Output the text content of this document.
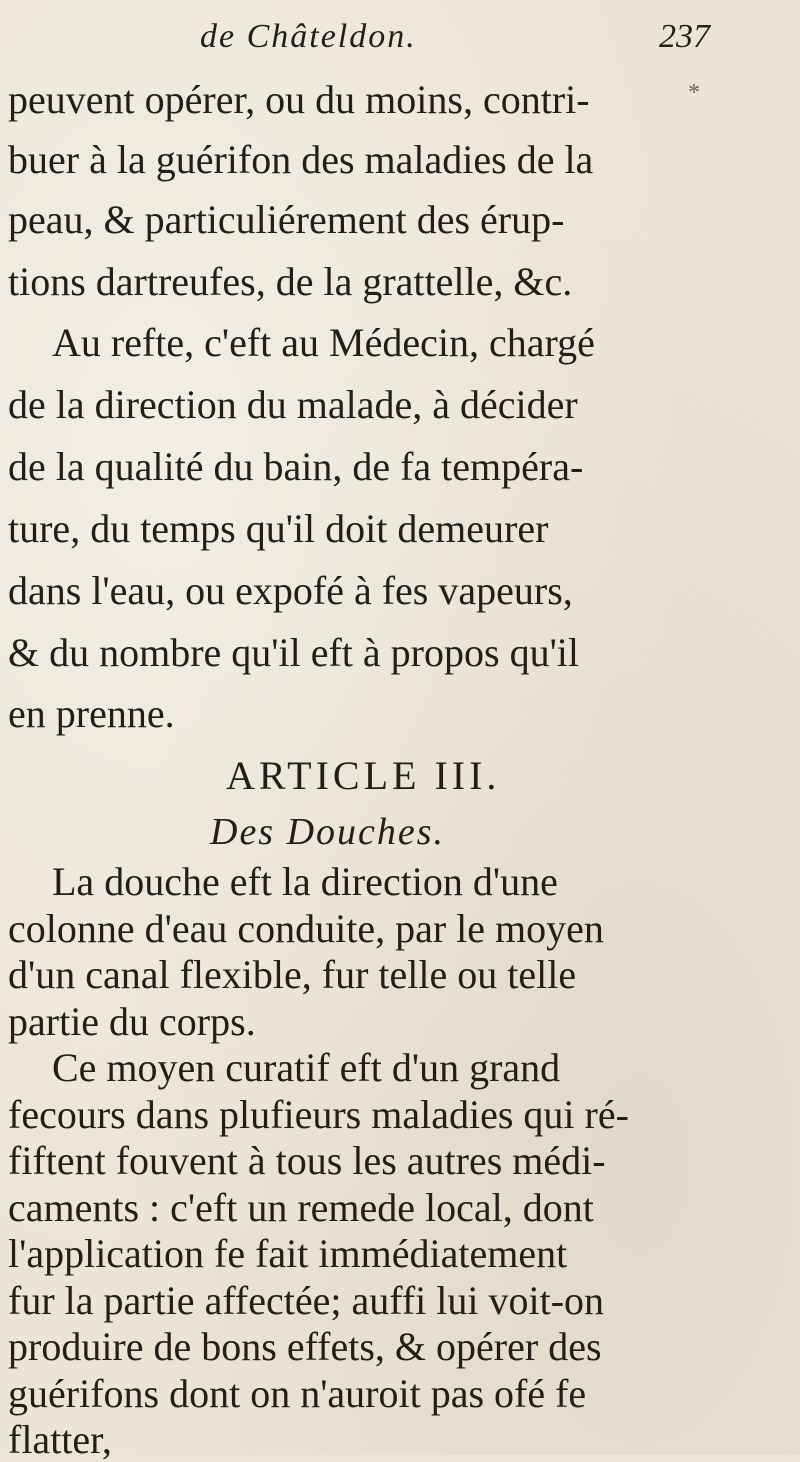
de Châteldon.	237
peuvent opérer, ou du moins, contri-
buer à la guérifon des maladies de la
peau, & particuliérement des érup-
tions dartreufes, de la grattelle, &c.
Au refte, c'eft au Médecin, chargé
de la direction du malade, à décider
de la qualité du bain, de fa tempéra-
ture, du temps qu'il doit demeurer
dans l'eau, ou expofé à fes vapeurs,
& du nombre qu'il eft à propos qu'il
en prenne.
ARTICLE III.
Des Douches.
La douche eft la direction d'une
colonne d'eau conduite, par le moyen
d'un canal flexible, fur telle ou telle
partie du corps.
Ce moyen curatif eft d'un grand
fecours dans plufieurs maladies qui ré-
fiftent fouvent à tous les autres médi-
caments : c'eft un remede local, dont
l'application fe fait immédiatement
fur la partie affectée; auffi lui voit-on
produire de bons effets, & opérer des
guérifons dont on n'auroit pas ofé fe
flatter,
*
